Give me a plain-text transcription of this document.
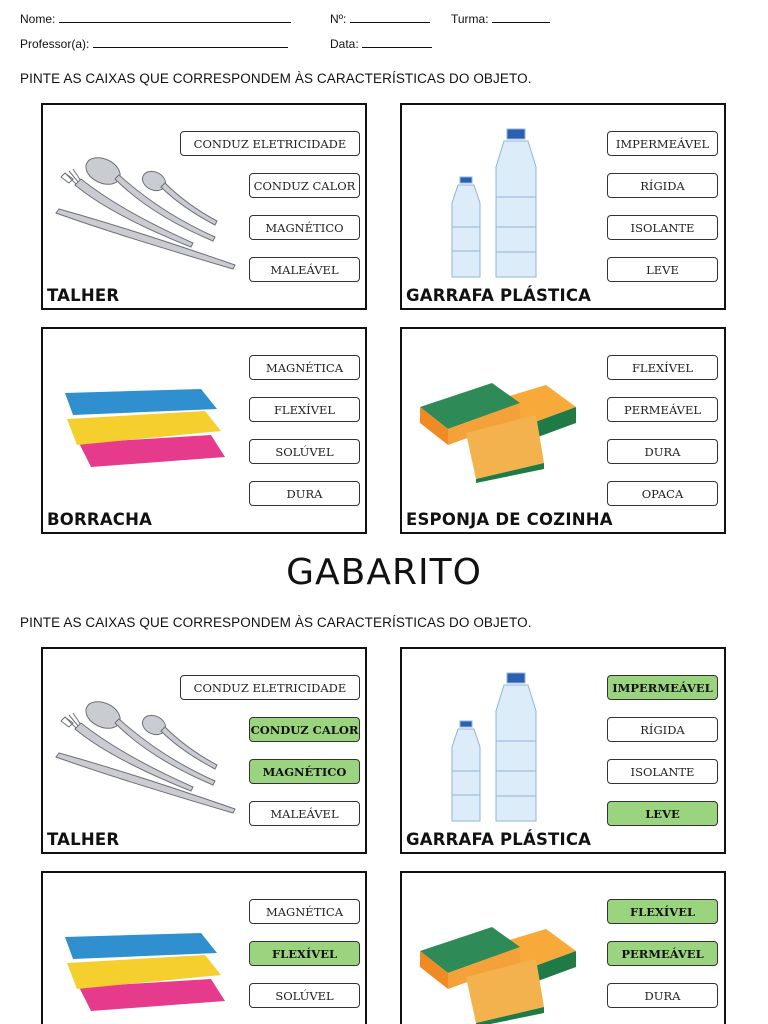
Nome:	Nº:	Turma:
Professor(a):	Data:
PINTE AS CAIXAS QUE CORRESPONDEM ÀS CARACTERÍSTICAS DO OBJETO.
CONDUZ ELETRICIDADE
CONDUZ CALOR
MAGNÉTICO
MALEÁVEL
TALHER
IMPERMEÁVEL
RÍGIDA
ISOLANTE
LEVE
GARRAFA PLÁSTICA
MAGNÉTICA
FLEXÍVEL
SOLÚVEL
DURA
BORRACHA
FLEXÍVEL
PERMEÁVEL
DURA
OPACA
ESPONJA DE COZINHA
GABARITO
PINTE AS CAIXAS QUE CORRESPONDEM ÀS CARACTERÍSTICAS DO OBJETO.
CONDUZ ELETRICIDADE
CONDUZ CALOR
MAGNÉTICO
MALEÁVEL
TALHER
IMPERMEÁVEL
RÍGIDA
ISOLANTE
LEVE
GARRAFA PLÁSTICA
MAGNÉTICA
FLEXÍVEL
SOLÚVEL
FLEXÍVEL
PERMEÁVEL
DURA
